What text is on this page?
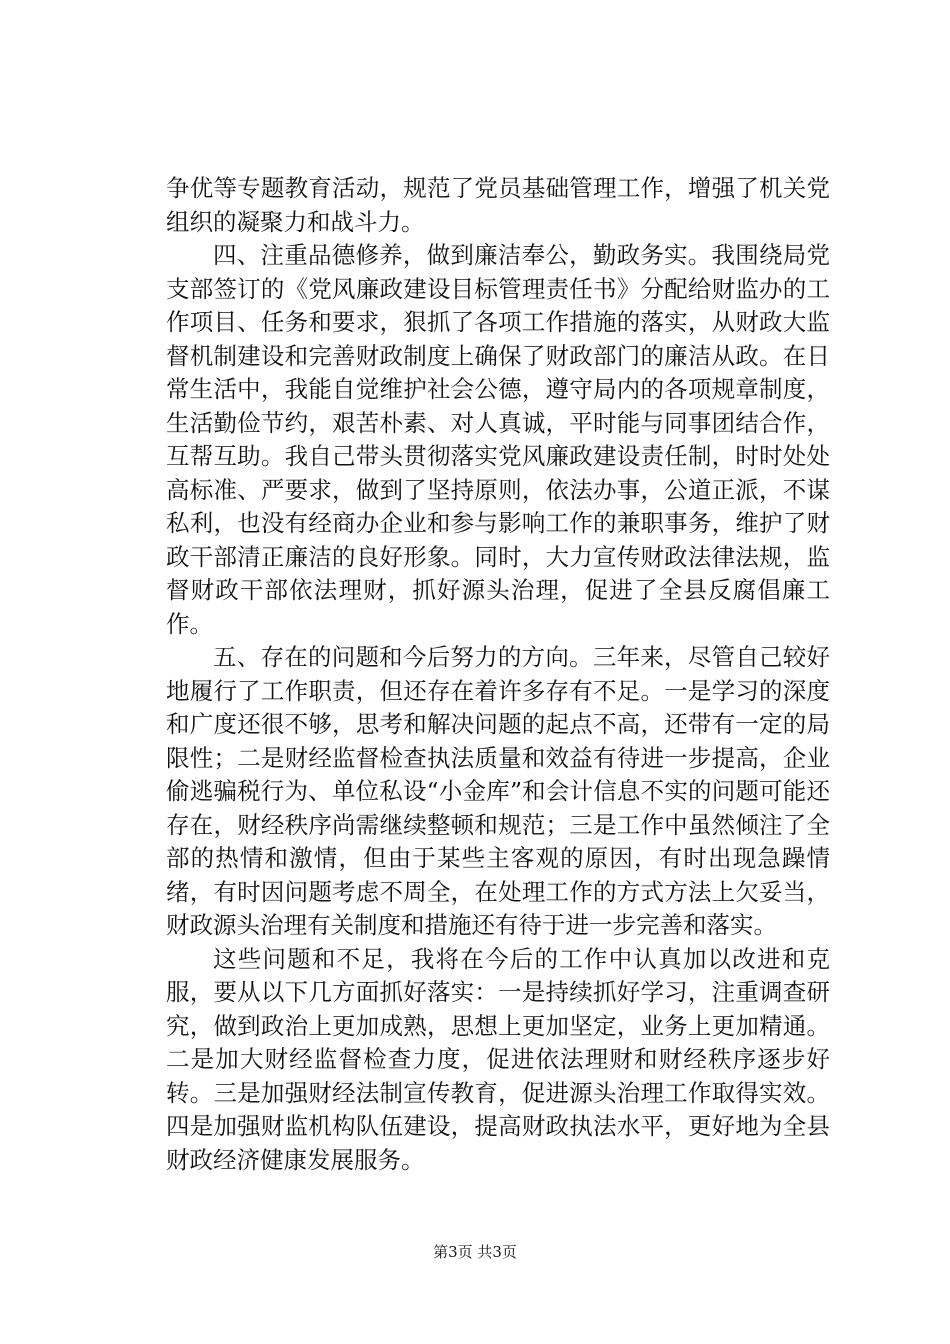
争优等专题教育活动，规范了党员基础管理工作，增强了机关党组织的凝聚力和战斗力。

四、注重品德修养，做到廉洁奉公，勤政务实。我围绕局党支部签订的《党风廉政建设目标管理责任书》分配给财监办的工作项目、任务和要求，狠抓了各项工作措施的落实，从财政大监督机制建设和完善财政制度上确保了财政部门的廉洁从政。在日常生活中，我能自觉维护社会公德，遵守局内的各项规章制度，生活勤俭节约，艰苦朴素、对人真诚，平时能与同事团结合作，互帮互助。我自己带头贯彻落实党风廉政建设责任制，时时处处高标准、严要求，做到了坚持原则，依法办事，公道正派，不谋私利，也没有经商办企业和参与影响工作的兼职事务，维护了财政干部清正廉洁的良好形象。同时，大力宣传财政法律法规，监督财政干部依法理财，抓好源头治理，促进了全县反腐倡廉工作。

五、存在的问题和今后努力的方向。三年来，尽管自己较好地履行了工作职责，但还存在着许多存有不足。一是学习的深度和广度还很不够，思考和解决问题的起点不高，还带有一定的局限性；二是财经监督检查执法质量和效益有待进一步提高，企业偷逃骗税行为、单位私设“小金库”和会计信息不实的问题可能还存在，财经秩序尚需继续整顿和规范；三是工作中虽然倾注了全部的热情和激情，但由于某些主客观的原因，有时出现急躁情绪，有时因问题考虑不周全，在处理工作的方式方法上欠妥当，财政源头治理有关制度和措施还有待于进一步完善和落实。

这些问题和不足，我将在今后的工作中认真加以改进和克服，要从以下几方面抓好落实：一是持续抓好学习，注重调查研究，做到政治上更加成熟，思想上更加坚定，业务上更加精通。二是加大财经监督检查力度，促进依法理财和财经秩序逐步好转。三是加强财经法制宣传教育，促进源头治理工作取得实效。四是加强财监机构队伍建设，提高财政执法水平，更好地为全县财政经济健康发展服务。

第3页 共3页
